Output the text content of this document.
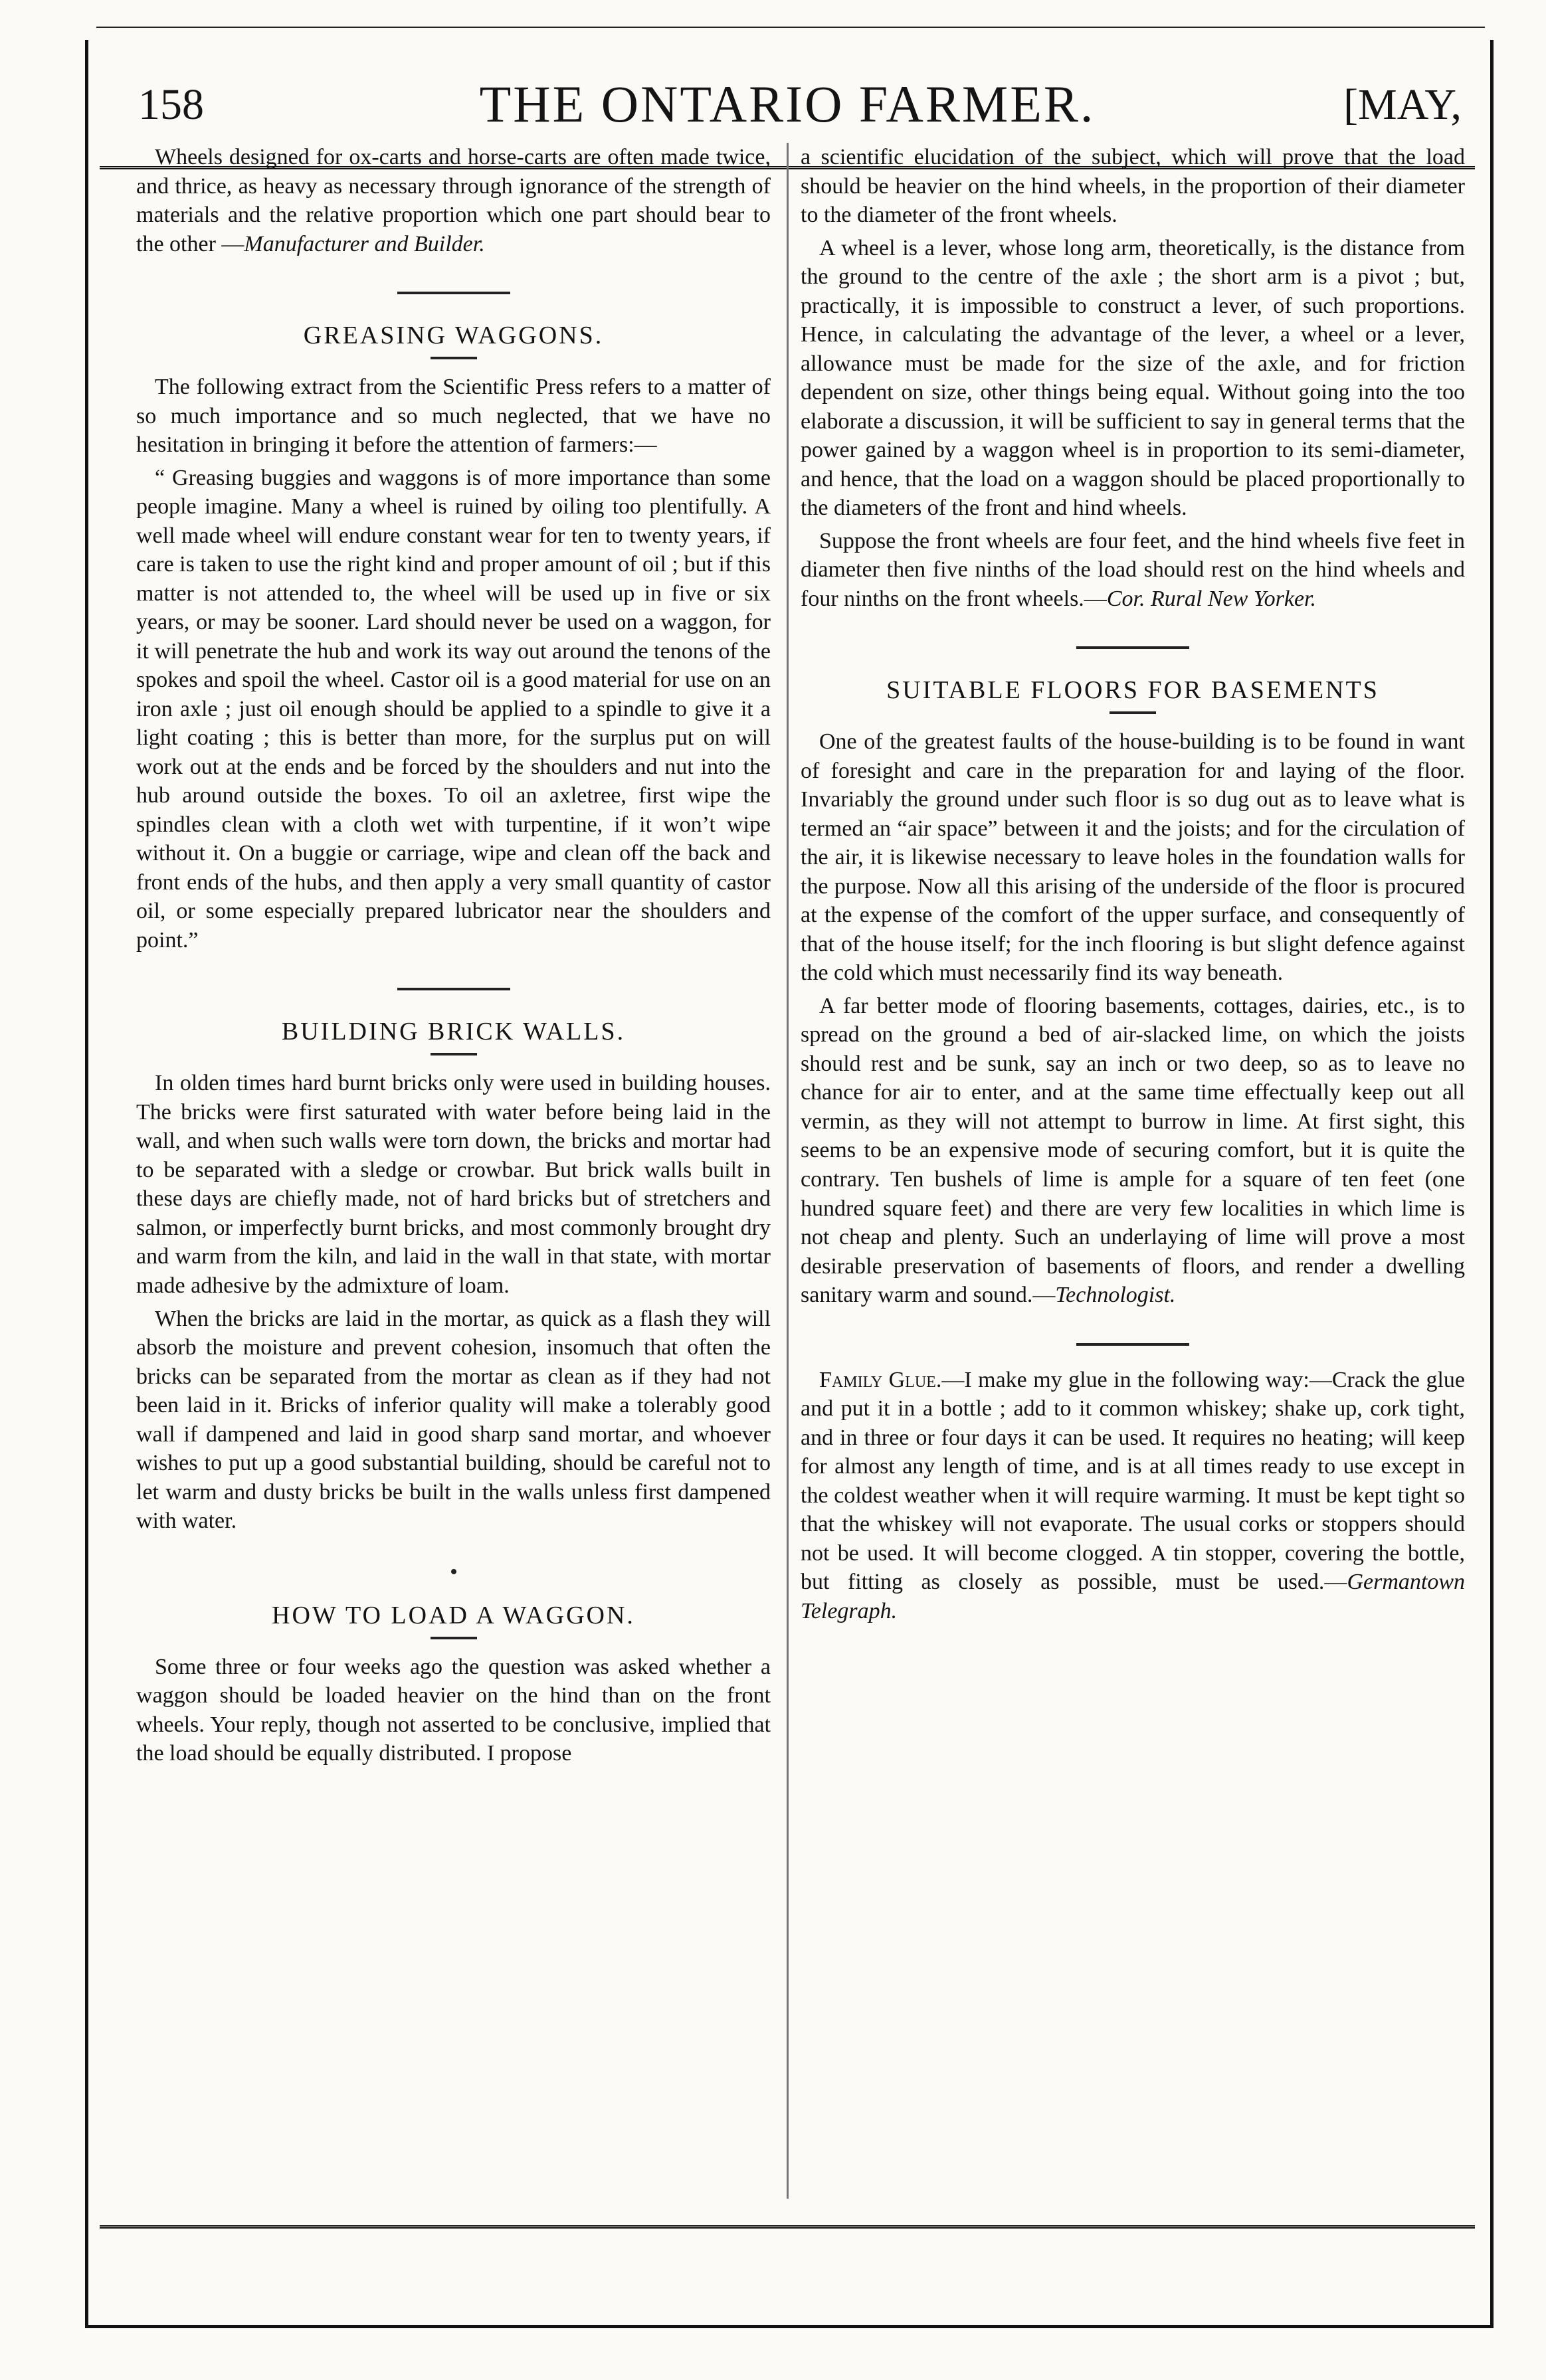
158	THE ONTARIO FARMER.	[MAY,

Wheels designed for ox-carts and horse-carts are often made twice, and thrice, as heavy as necessary through ignorance of the strength of materials and the relative proportion which one part should bear to the other —Manufacturer and Builder.

GREASING WAGGONS.

The following extract from the Scientific Press refers to a matter of so much importance and so much neglected, that we have no hesitation in bringing it before the attention of farmers:—

“ Greasing buggies and waggons is of more importance than some people imagine. Many a wheel is ruined by oiling too plentifully. A well made wheel will endure constant wear for ten to twenty years, if care is taken to use the right kind and proper amount of oil ; but if this matter is not attended to, the wheel will be used up in five or six years, or may be sooner. Lard should never be used on a waggon, for it will penetrate the hub and work its way out around the tenons of the spokes and spoil the wheel. Castor oil is a good material for use on an iron axle ; just oil enough should be applied to a spindle to give it a light coating ; this is better than more, for the surplus put on will work out at the ends and be forced by the shoulders and nut into the hub around outside the boxes. To oil an axletree, first wipe the spindles clean with a cloth wet with turpentine, if it won’t wipe without it. On a buggie or carriage, wipe and clean off the back and front ends of the hubs, and then apply a very small quantity of castor oil, or some especially prepared lubricator near the shoulders and point.”

BUILDING BRICK WALLS.

In olden times hard burnt bricks only were used in building houses. The bricks were first saturated with water before being laid in the wall, and when such walls were torn down, the bricks and mortar had to be separated with a sledge or crowbar. But brick walls built in these days are chiefly made, not of hard bricks but of stretchers and salmon, or imperfectly burnt bricks, and most commonly brought dry and warm from the kiln, and laid in the wall in that state, with mortar made adhesive by the admixture of loam.

When the bricks are laid in the mortar, as quick as a flash they will absorb the moisture and prevent cohesion, insomuch that often the bricks can be separated from the mortar as clean as if they had not been laid in it. Bricks of inferior quality will make a tolerably good wall if dampened and laid in good sharp sand mortar, and whoever wishes to put up a good substantial building, should be careful not to let warm and dusty bricks be built in the walls unless first dampened with water.

HOW TO LOAD A WAGGON.

Some three or four weeks ago the question was asked whether a waggon should be loaded heavier on the hind than on the front wheels. Your reply, though not asserted to be conclusive, implied that the load should be equally distributed. I propose

a scientific elucidation of the subject, which will prove that the load should be heavier on the hind wheels, in the proportion of their diameter to the diameter of the front wheels.

A wheel is a lever, whose long arm, theoretically, is the distance from the ground to the centre of the axle ; the short arm is a pivot ; but, practically, it is impossible to construct a lever, of such proportions. Hence, in calculating the advantage of the lever, a wheel or a lever, allowance must be made for the size of the axle, and for friction dependent on size, other things being equal. Without going into the too elaborate a discussion, it will be sufficient to say in general terms that the power gained by a waggon wheel is in proportion to its semi-diameter, and hence, that the load on a waggon should be placed proportionally to the diameters of the front and hind wheels.

Suppose the front wheels are four feet, and the hind wheels five feet in diameter then five ninths of the load should rest on the hind wheels and four ninths on the front wheels.—Cor. Rural New Yorker.

SUITABLE FLOORS FOR BASEMENTS

One of the greatest faults of the house-building is to be found in want of foresight and care in the preparation for and laying of the floor. Invariably the ground under such floor is so dug out as to leave what is termed an “air space” between it and the joists; and for the circulation of the air, it is likewise necessary to leave holes in the foundation walls for the purpose. Now all this arising of the underside of the floor is procured at the expense of the comfort of the upper surface, and consequently of that of the house itself; for the inch flooring is but slight defence against the cold which must necessarily find its way beneath.

A far better mode of flooring basements, cottages, dairies, etc., is to spread on the ground a bed of air-slacked lime, on which the joists should rest and be sunk, say an inch or two deep, so as to leave no chance for air to enter, and at the same time effectually keep out all vermin, as they will not attempt to burrow in lime. At first sight, this seems to be an expensive mode of securing comfort, but it is quite the contrary. Ten bushels of lime is ample for a square of ten feet (one hundred square feet) and there are very few localities in which lime is not cheap and plenty. Such an underlaying of lime will prove a most desirable preservation of basements of floors, and render a dwelling sanitary warm and sound.—Technologist.

Family Glue.—I make my glue in the following way:—Crack the glue and put it in a bottle ; add to it common whiskey; shake up, cork tight, and in three or four days it can be used. It requires no heating; will keep for almost any length of time, and is at all times ready to use except in the coldest weather when it will require warming. It must be kept tight so that the whiskey will not evaporate. The usual corks or stoppers should not be used. It will become clogged. A tin stopper, covering the bottle, but fitting as closely as possible, must be used.—Germantown Telegraph.
